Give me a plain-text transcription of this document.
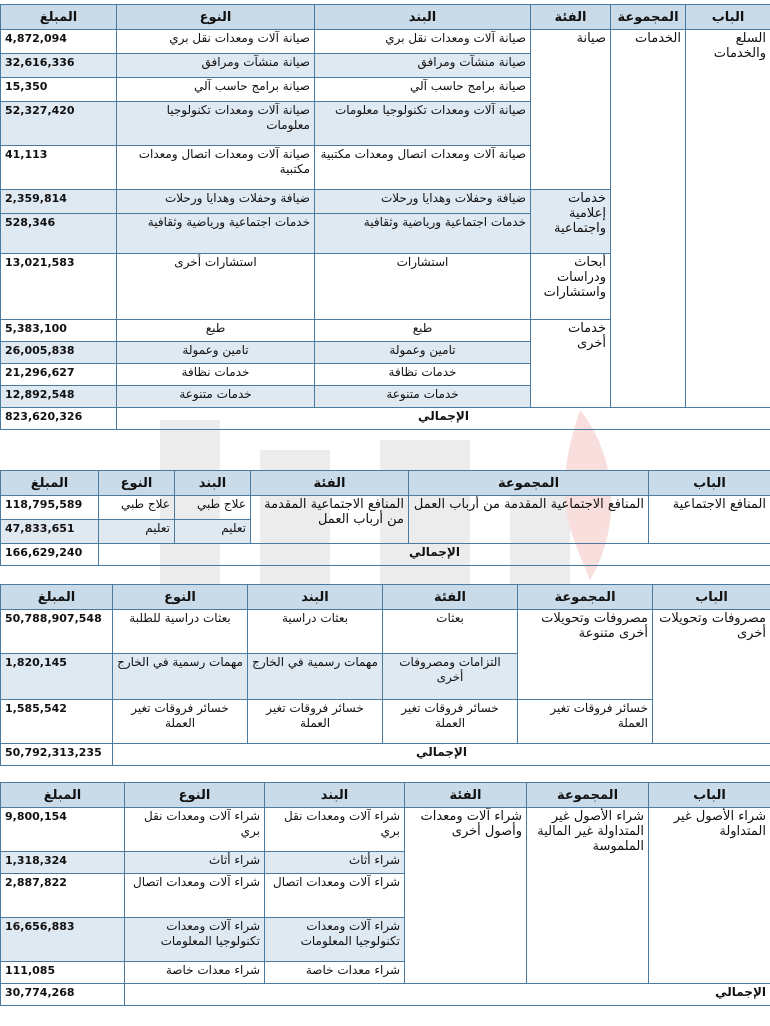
الباب	المجموعة	الفئة	البند	النوع	المبلغ
السلع والخدمات	الخدمات	صيانة	صيانة آلات ومعدات نقل بري	صيانة آلات ومعدات نقل بري	4,872,094
			صيانة منشآت ومرافق	صيانة منشآت ومرافق	32,616,336
			صيانة برامج حاسب آلي	صيانة برامج حاسب آلي	15,350
			صيانة آلات ومعدات تكنولوجيا معلومات	صيانة آلات ومعدات تكنولوجيا معلومات	52,327,420
			صيانة آلات ومعدات اتصال ومعدات مكتبية	صيانة آلات ومعدات اتصال ومعدات مكتبية	41,113
		خدمات إعلامية واجتماعية	ضيافة وحفلات وهدايا ورحلات	ضيافة وحفلات وهدايا ورحلات	2,359,814
			خدمات اجتماعية ورياضية وثقافية	خدمات اجتماعية ورياضية وثقافية	528,346
		أبحاث ودراسات واستشارات	استشارات	استشارات أخرى	13,021,583
		خدمات أخرى	طبع	طبع	5,383,100
			تامين وعمولة	تامين وعمولة	26,005,838
			خدمات نظافة	خدمات نظافة	21,296,627
			خدمات متنوعة	خدمات متنوعة	12,892,548
الإجمالي					823,620,326
الباب	المجموعة	الفئة	البند	النوع	المبلغ
المنافع الاجتماعية	المنافع الاجتماعية المقدمة من أرباب العمل	المنافع الاجتماعية المقدمة من أرباب العمل	علاج طبي	علاج طبي	118,795,589
			تعليم	تعليم	47,833,651
الإجمالي					166,629,240
الباب	المجموعة	الفئة	البند	النوع	المبلغ
مصروفات وتحويلات أخرى	مصروفات وتحويلات أخرى متنوعة	بعثات	بعثات دراسية	بعثات دراسية للطلبة	50,788,907,548
		التزامات ومصروفات أخرى	مهمات رسمية في الخارج	مهمات رسمية في الخارج	1,820,145
	خسائر فروقات تغير العملة	خسائر فروقات تغير العملة	خسائر فروقات تغير العملة	خسائر فروقات تغير العملة	1,585,542
الإجمالي					50,792,313,235
الباب	المجموعة	الفئة	البند	النوع	المبلغ
شراء الأصول غير المتداولة	شراء الأصول غير المتداولة غير المالية الملموسة	شراء آلات ومعدات وأصول أخرى	شراء آلات ومعدات نقل بري	شراء آلات ومعدات نقل بري	9,800,154
			شراء أثاث	شراء أثاث	1,318,324
			شراء آلات ومعدات اتصال	شراء آلات ومعدات اتصال	2,887,822
			شراء آلات ومعدات تكنولوجيا المعلومات	شراء آلات ومعدات تكنولوجيا المعلومات	16,656,883
			شراء معدات خاصة	شراء معدات خاصة	111,085
الإجمالي					30,774,268
